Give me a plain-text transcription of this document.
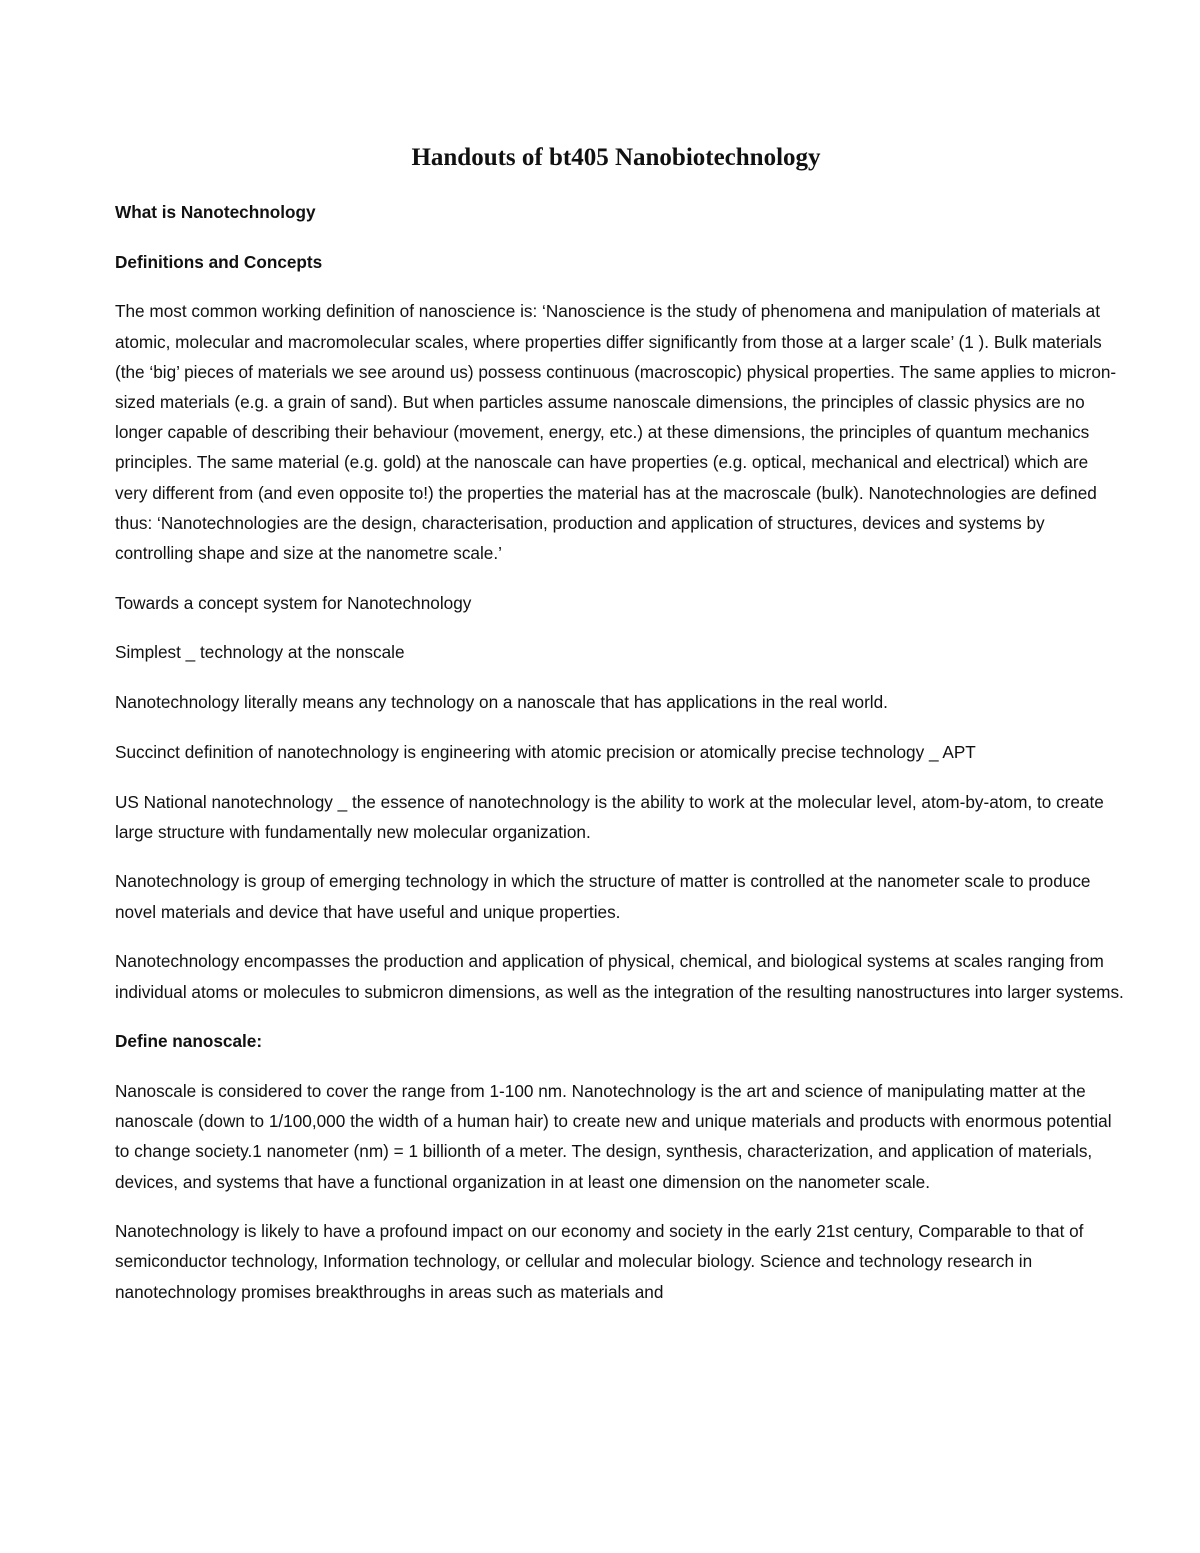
Handouts of bt405 Nanobiotechnology

What is Nanotechnology

Definitions and Concepts

The most common working definition of nanoscience is: ‘Nanoscience is the study of phenomena and manipulation of materials at atomic, molecular and macromolecular scales, where properties differ significantly from those at a larger scale’ (1 ). Bulk materials (the ‘big’ pieces of materials we see around us) possess continuous (macroscopic) physical properties. The same applies to micron-sized materials (e.g. a grain of sand). But when particles assume nanoscale dimensions, the principles of classic physics are no longer capable of describing their behaviour (movement, energy, etc.) at these dimensions, the principles of quantum mechanics principles. The same material (e.g. gold) at the nanoscale can have properties (e.g. optical, mechanical and electrical) which are very different from (and even opposite to!) the properties the material has at the macroscale (bulk). Nanotechnologies are defined thus: ‘Nanotechnologies are the design, characterisation, production and application of structures, devices and systems by controlling shape and size at the nanometre scale.’

Towards a concept system for Nanotechnology

Simplest _ technology at the nonscale

Nanotechnology literally means any technology on a nanoscale that has applications in the real world.

Succinct definition of nanotechnology is engineering with atomic precision or atomically precise technology _ APT

US National nanotechnology _ the essence of nanotechnology is the ability to work at the molecular level, atom-by-atom, to create large structure with fundamentally new molecular organization.

Nanotechnology is group of emerging technology in which the structure of matter is controlled at the nanometer scale to produce novel materials and device that have useful and unique properties.

Nanotechnology encompasses the production and application of physical, chemical, and biological systems at scales ranging from individual atoms or molecules to submicron dimensions, as well as the integration of the resulting nanostructures into larger systems.

Define nanoscale:

Nanoscale is considered to cover the range from 1-100 nm. Nanotechnology is the art and science of manipulating matter at the nanoscale (down to 1/100,000 the width of a human hair) to create new and unique materials and products with enormous potential to change society.1 nanometer (nm) = 1 billionth of a meter. The design, synthesis, characterization, and application of materials, devices, and systems that have a functional organization in at least one dimension on the nanometer scale.

Nanotechnology is likely to have a profound impact on our economy and society in the early 21st century, Comparable to that of semiconductor technology, Information technology, or cellular and molecular biology. Science and technology research in nanotechnology promises breakthroughs in areas such as materials and
